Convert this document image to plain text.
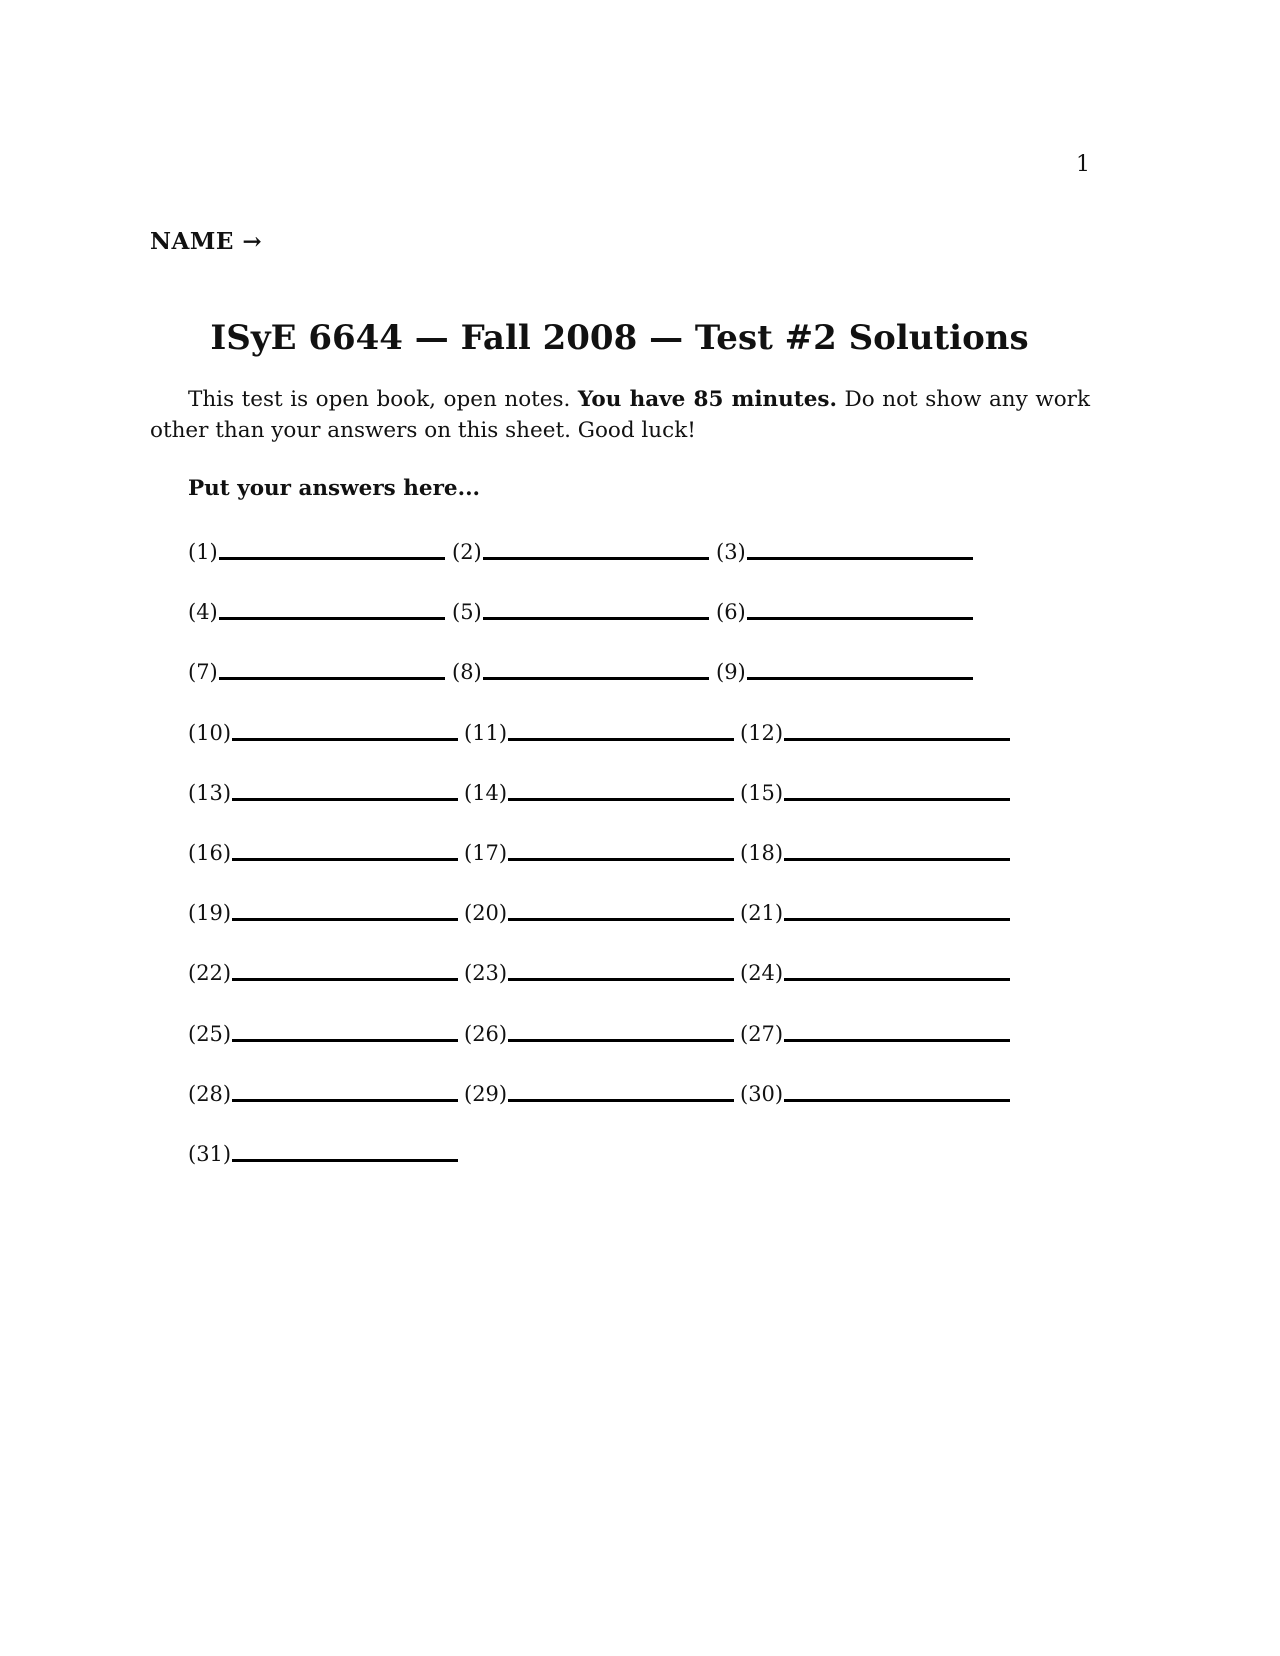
1
NAME →
ISyE 6644 — Fall 2008 — Test #2 Solutions

This test is open book, open notes. You have 85 minutes. Do not show any work other than your answers on this sheet. Good luck!

Put your answers here...
(1)	(2)	(3)
(4)	(5)	(6)
(7)	(8)	(9)
(10)	(11)	(12)
(13)	(14)	(15)
(16)	(17)	(18)
(19)	(20)	(21)
(22)	(23)	(24)
(25)	(26)	(27)
(28)	(29)	(30)
(31)
